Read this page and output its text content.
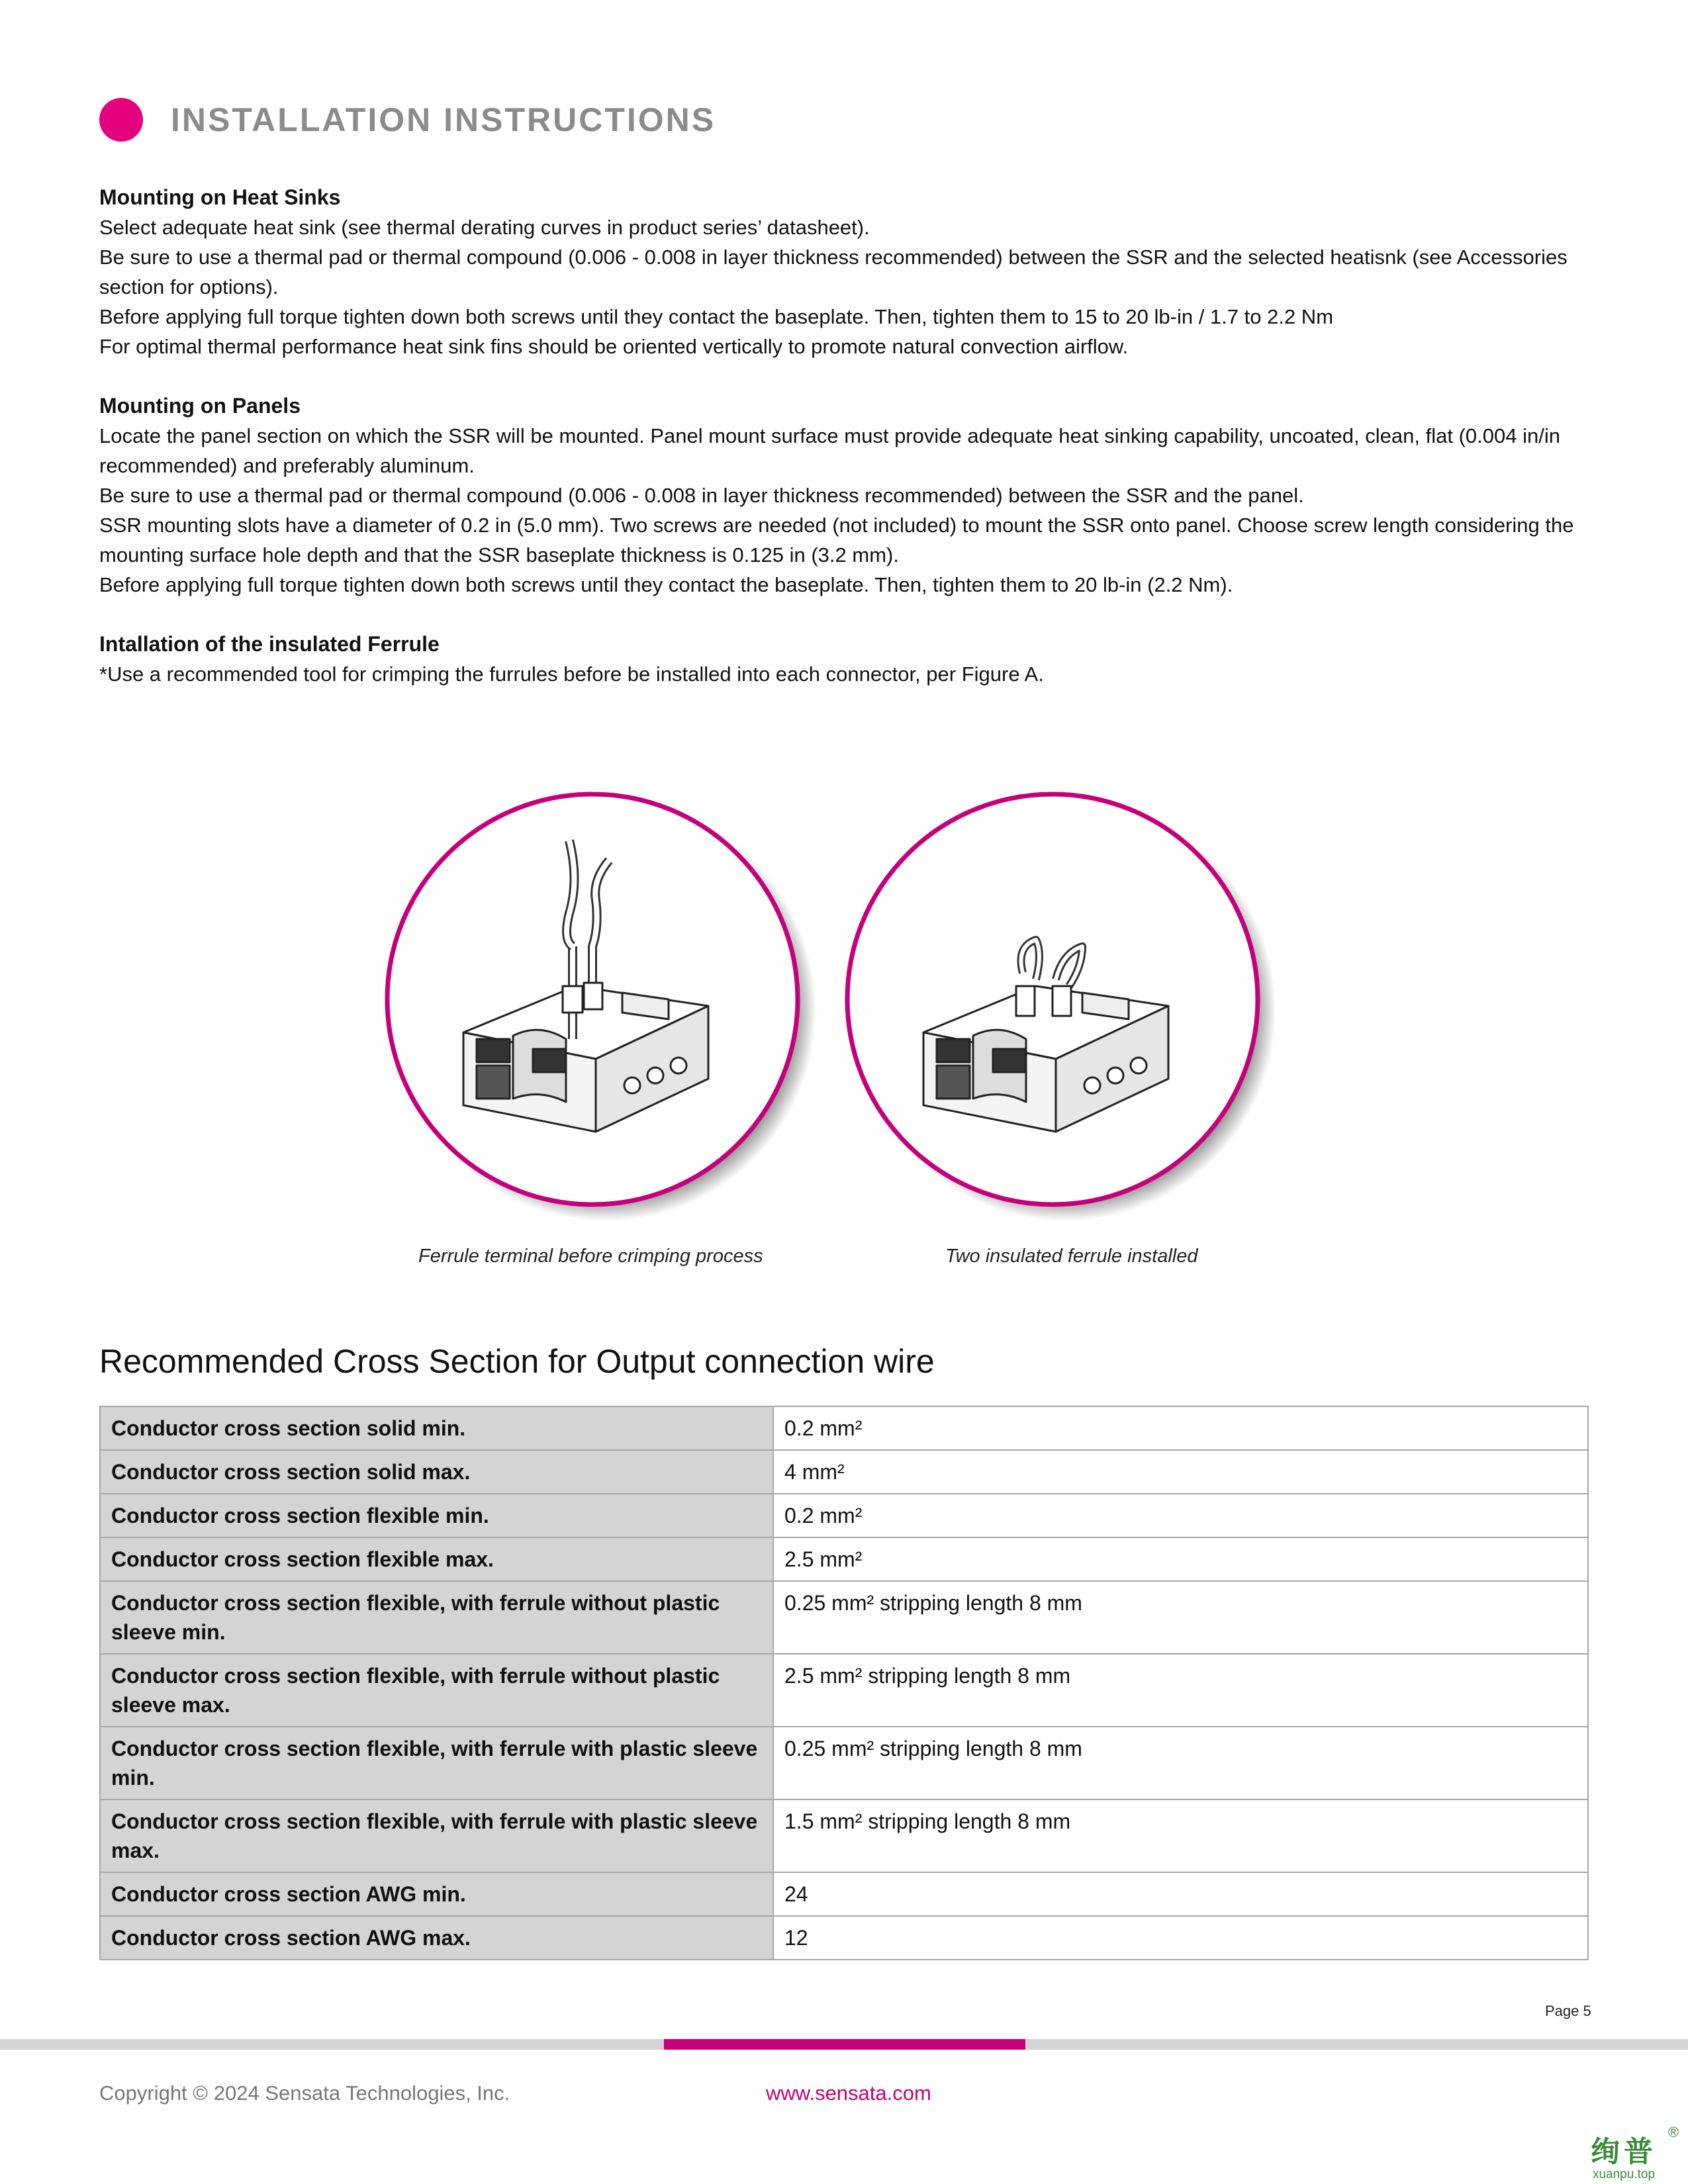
INSTALLATION INSTRUCTIONS
Mounting on Heat Sinks

Select adequate heat sink (see thermal derating curves in product series’ datasheet).

Be sure to use a thermal pad or thermal compound (0.006 - 0.008 in layer thickness recommended) between the SSR and the selected heatisnk (see Accessories section for options).

Before applying full torque tighten down both screws until they contact the baseplate. Then, tighten them to 15 to 20 lb-in / 1.7 to 2.2 Nm

For optimal thermal performance heat sink fins should be oriented vertically to promote natural convection airflow.

Mounting on Panels

Locate the panel section on which the SSR will be mounted. Panel mount surface must provide adequate heat sinking capability, uncoated, clean, flat (0.004 in/in recommended) and preferably aluminum.

Be sure to use a thermal pad or thermal compound (0.006 - 0.008 in layer thickness recommended) between the SSR and the panel.

SSR mounting slots have a diameter of 0.2 in (5.0 mm). Two screws are needed (not included) to mount the SSR onto panel. Choose screw length considering the mounting surface hole depth and that the SSR baseplate thickness is 0.125 in (3.2 mm).

Before applying full torque tighten down both screws until they contact the baseplate. Then, tighten them to 20 lb-in (2.2 Nm).

Intallation of the insulated Ferrule

*Use a recommended tool for crimping the furrules before be installed into each connector, per Figure A.

Ferrule terminal before crimping process	Two insulated ferrule installed
Recommended Cross Section for Output connection wire
Conductor cross section solid min.	0.2 mm²
Conductor cross section solid max.	4 mm²
Conductor cross section flexible min.	0.2 mm²
Conductor cross section flexible max.	2.5 mm²
Conductor cross section flexible, with ferrule without plastic sleeve min.	0.25 mm² stripping length 8 mm
Conductor cross section flexible, with ferrule without plastic sleeve max.	2.5 mm² stripping length 8 mm
Conductor cross section flexible, with ferrule with plastic sleeve min.	0.25 mm² stripping length 8 mm
Conductor cross section flexible, with ferrule with plastic sleeve max.	1.5 mm² stripping length 8 mm
Conductor cross section AWG min.	24
Conductor cross section AWG max.	12
Page 5
Copyright © 2024 Sensata Technologies, Inc.	www.sensata.com
绚普
xuanpu.top
®
